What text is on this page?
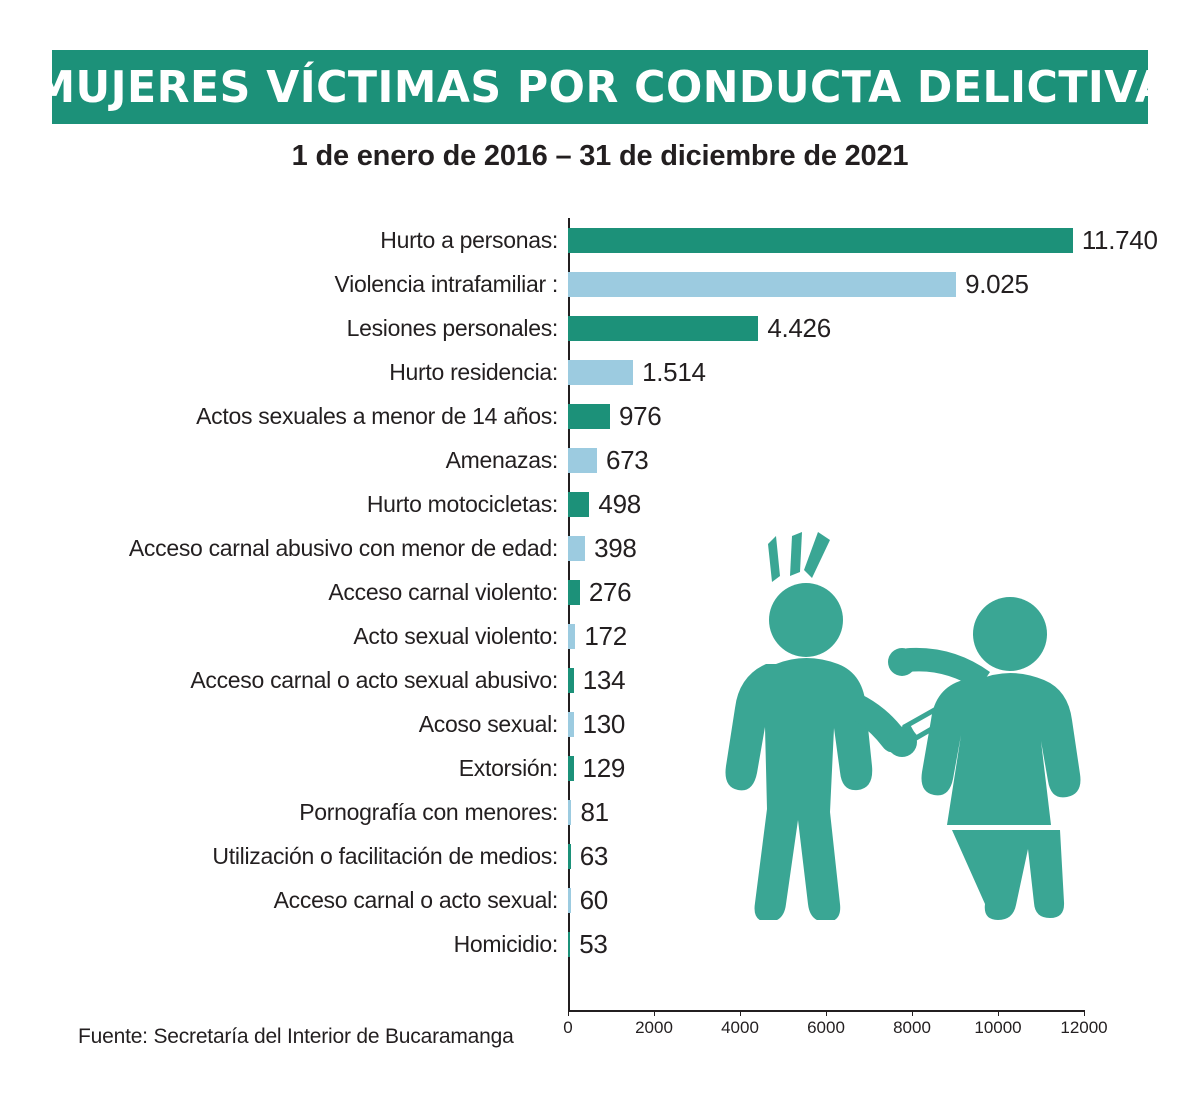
MUJERES VÍCTIMAS POR CONDUCTA DELICTIVA
1 de enero de 2016 – 31 de diciembre de 2021
Hurto a personas:	11.740
Violencia intrafamiliar :	9.025
Lesiones personales:	4.426
Hurto residencia:	1.514
Actos sexuales a menor de 14 años:	976
Amenazas:	673
Hurto motocicletas:	498
Acceso carnal abusivo con menor de edad:	398
Acceso carnal violento:	276
Acto sexual violento:	172
Acceso carnal o acto sexual abusivo: 134
Acoso sexual: 130
Extorsión: 129
Pornografía con menores: 81
Utilización o facilitación de medios: 63
Acceso carnal o acto sexual: 60
Homicidio: 53
0	2000	4000	6000	8000	10000 12000
Fuente: Secretaría del Interior de Bucaramanga
